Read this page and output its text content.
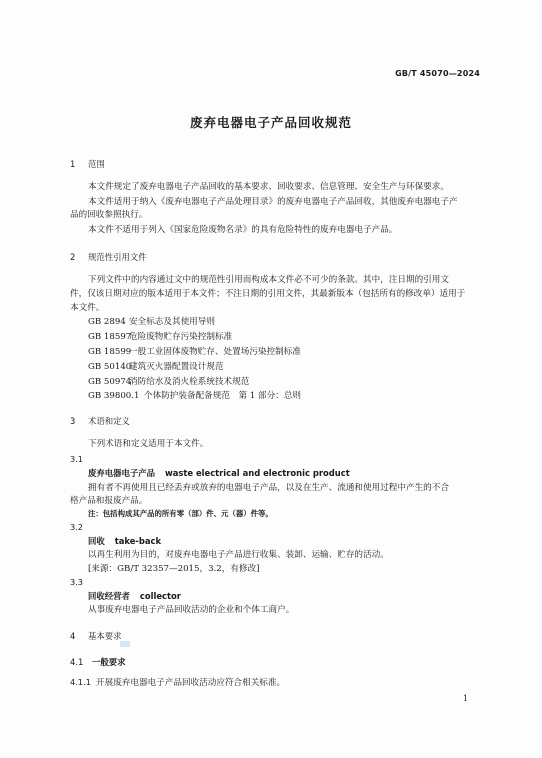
GB/T 45070—2024
废弃电器电子产品回收规范
1 范围
本文件规定了废弃电器电子产品回收的基本要求、回收要求、信息管理、安全生产与环保要求。
本文件适用于纳入《废弃电器电子产品处理目录》的废弃电器电子产品回收，其他废弃电器电子产
品的回收参照执行。
本文件不适用于列入《国家危险废物名录》的具有危险特性的废弃电器电子产品。
2 规范性引用文件
下列文件中的内容通过文中的规范性引用而构成本文件必不可少的条款。其中，注日期的引用文
件，仅该日期对应的版本适用于本文件；不注日期的引用文件，其最新版本（包括所有的修改单）适用于
本文件。
GB 2894 安全标志及其使用导则
GB 18597危险废物贮存污染控制标准
GB 18599一般工业固体废物贮存、处置场污染控制标准
GB 50140建筑灭火器配置设计规范
GB 50974消防给水及消火栓系统技术规范
GB 39800.1 个体防护装备配备规范　第 1 部分：总则
3 术语和定义
下列术语和定义适用于本文件。
3.1
废弃电器电子产品 waste electrical and electronic product
拥有者不再使用且已经丢弃或放弃的电器电子产品，以及在生产、流通和使用过程中产生的不合
格产品和报废产品。
注：包括构成其产品的所有零（部）件、元（器）件等。
3.2
回收 take-back
以再生利用为目的，对废弃电器电子产品进行收集、装卸、运输、贮存的活动。
[来源：GB/T 32357—2015，3.2，有修改]
3.3
回收经营者 collector
从事废弃电器电子产品回收活动的企业和个体工商户。
4 基本要求
4.1 一般要求
4.1.1 开展废弃电器电子产品回收活动应符合相关标准。
1
